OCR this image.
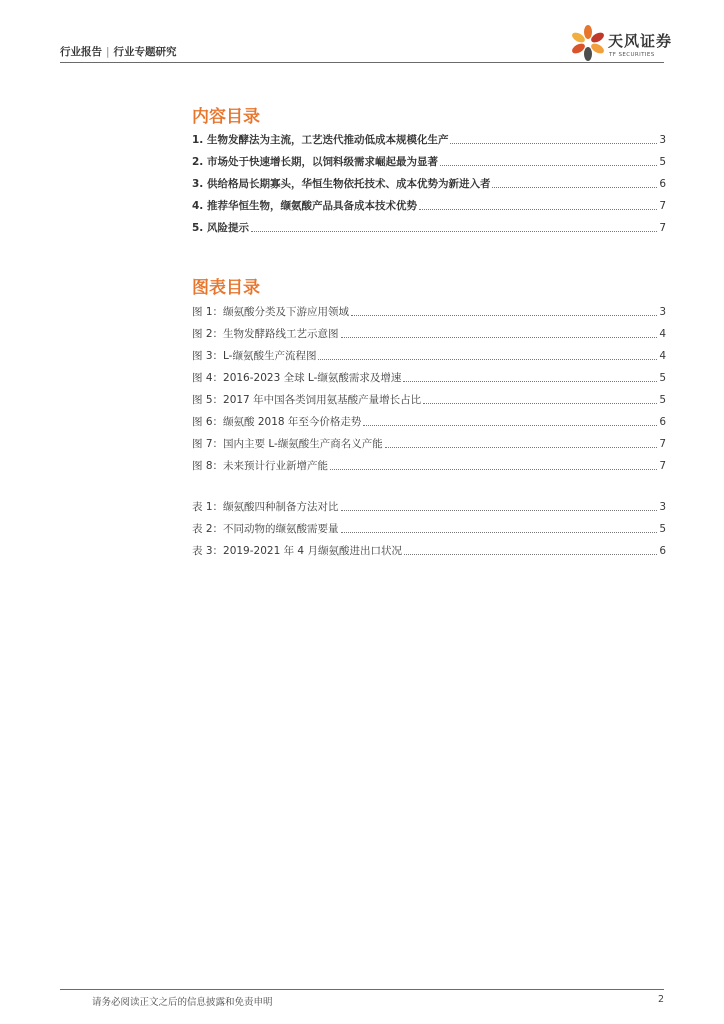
行业报告 | 行业专题研究
天风证券
TF SECURITIES
内容目录
1. 生物发酵法为主流，工艺迭代推动低成本规模化生产	3
2. 市场处于快速增长期，以饲料级需求崛起最为显著	5
3. 供给格局长期寡头，华恒生物依托技术、成本优势为新进入者	6
4. 推荐华恒生物，缬氨酸产品具备成本技术优势	7
5. 风险提示	7
图表目录
图 1：缬氨酸分类及下游应用领域	3
图 2：生物发酵路线工艺示意图	4
图 3：L-缬氨酸生产流程图	4
图 4：2016-2023 全球 L-缬氨酸需求及增速	5
图 5：2017 年中国各类饲用氨基酸产量增长占比	5
图 6：缬氨酸 2018 年至今价格走势	6
图 7：国内主要 L-缬氨酸生产商名义产能	7
图 8：未来预计行业新增产能	7
表 1：缬氨酸四种制备方法对比	3
表 2：不同动物的缬氨酸需要量	5
表 3：2019-2021 年 4 月缬氨酸进出口状况	6
请务必阅读正文之后的信息披露和免责申明	2
